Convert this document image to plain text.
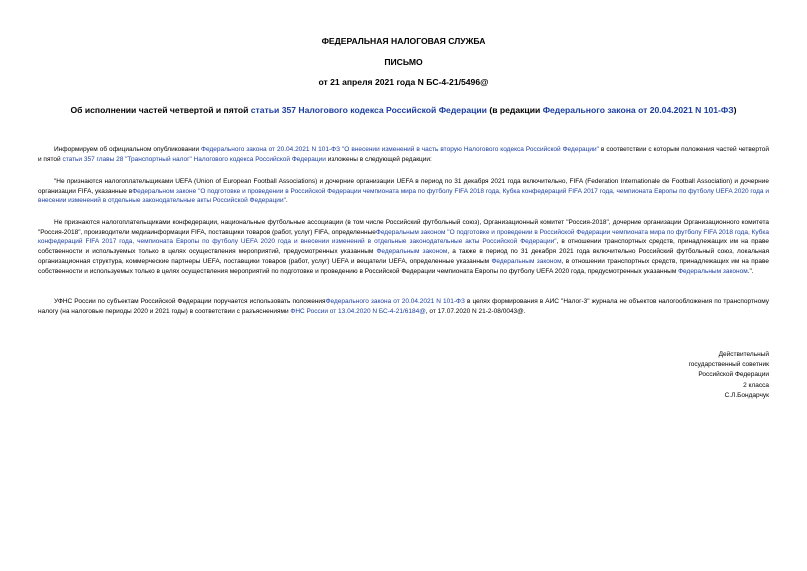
ФЕДЕРАЛЬНАЯ НАЛОГОВАЯ СЛУЖБА
ПИСЬМО
от 21 апреля 2021 года N БС-4-21/5496@
Об исполнении частей четвертой и пятой статьи 357 Налогового кодекса Российской Федерации (в редакции Федерального закона от 20.04.2021 N 101-ФЗ)
Информируем об официальном опубликовании Федерального закона от 20.04.2021 N 101-ФЗ "О внесении изменений в часть вторую Налогового кодекса Российской Федерации" в соответствии с которым положения частей четвертой и пятой статьи 357 главы 28 "Транспортный налог" Налогового кодекса Российской Федерации изложены в следующей редакции:
"Не признаются налогоплательщиками UEFA (Union of European Football Associations) и дочерние организации UEFA в период по 31 декабря 2021 года включительно, FIFA (Federation Internationale de Football Association) и дочерние организации FIFA, указанные вФедеральном законе "О подготовке и проведении в Российской Федерации чемпионата мира по футболу FIFA 2018 года, Кубка конфедераций FIFA 2017 года, чемпионата Европы по футболу UEFA 2020 года и внесении изменений в отдельные законодательные акты Российской Федерации".
Не признаются налогоплательщиками конфедерации, национальные футбольные ассоциации (в том числе Российский футбольный союз), Организационный комитет "Россия-2018", дочерние организации Организационного комитета "Россия-2018", производители медиаинформации FIFA, поставщики товаров (работ, услуг) FIFA, определенныеФедеральным законом "О подготовке и проведении в Российской Федерации чемпионата мира по футболу FIFA 2018 года, Кубка конфедераций FIFA 2017 года, чемпионата Европы по футболу UEFA 2020 года и внесении изменений в отдельные законодательные акты Российской Федерации", в отношении транспортных средств, принадлежащих им на праве собственности и используемых только в целях осуществления мероприятий, предусмотренных указанным Федеральным законом, а также в период по 31 декабря 2021 года включительно Российский футбольный союз, локальная организационная структура, коммерческие партнеры UEFA, поставщики товаров (работ, услуг) UEFA и вещатели UEFA, определенные указанным Федеральным законом, в отношении транспортных средств, принадлежащих им на праве собственности и используемых только в целях осуществления мероприятий по подготовке и проведению в Российской Федерации чемпионата Европы по футболу UEFA 2020 года, предусмотренных указанным Федеральным законом.".
УФНС России по субъектам Российской Федерации поручается использовать положенияФедерального закона от 20.04.2021 N 101-ФЗ в целях формирования в АИС "Налог-3" журнала не объектов налогообложения по транспортному налогу (на налоговые периоды 2020 и 2021 годы) в соответствии с разъяснениями ФНС России от 13.04.2020 N БС-4-21/6184@, от 17.07.2020 N 21-2-08/0043@.
Действительный
государственный советник
Российской Федерации
2 класса
С.Л.Бондарчук
